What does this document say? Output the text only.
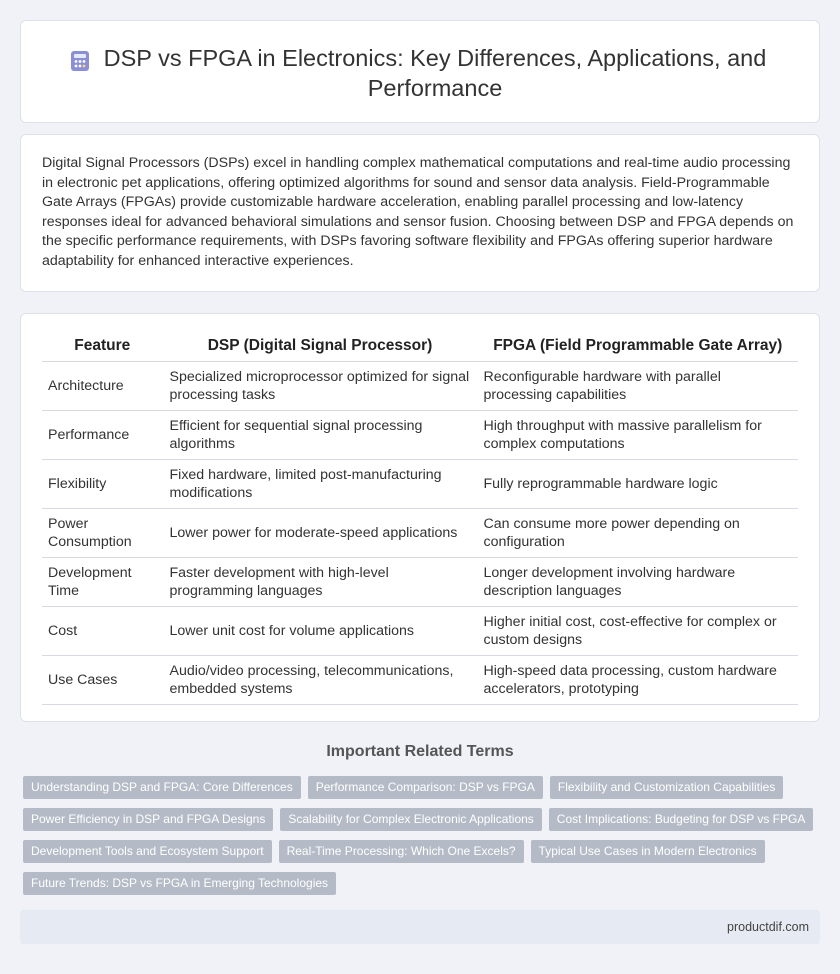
DSP vs FPGA in Electronics: Key Differences, Applications, and Performance

Digital Signal Processors (DSPs) excel in handling complex mathematical computations and real-time audio processing in electronic pet applications, offering optimized algorithms for sound and sensor data analysis. Field-Programmable Gate Arrays (FPGAs) provide customizable hardware acceleration, enabling parallel processing and low-latency responses ideal for advanced behavioral simulations and sensor fusion. Choosing between DSP and FPGA depends on the specific performance requirements, with DSPs favoring software flexibility and FPGAs offering superior hardware adaptability for enhanced interactive experiences.

Feature	DSP (Digital Signal Processor)	FPGA (Field Programmable Gate Array)
Architecture	Specialized microprocessor optimized for signal processing tasks	Reconfigurable hardware with parallel processing capabilities
Performance	Efficient for sequential signal processing algorithms	High throughput with massive parallelism for complex computations
Flexibility	Fixed hardware, limited post-manufacturing modifications	Fully reprogrammable hardware logic
Power Consumption	Lower power for moderate-speed applications	Can consume more power depending on configuration
Development Time	Faster development with high-level programming languages	Longer development involving hardware description languages
Cost	Lower unit cost for volume applications	Higher initial cost, cost-effective for complex or custom designs
Use Cases	Audio/video processing, telecommunications, embedded systems	High-speed data processing, custom hardware accelerators, prototyping
Important Related Terms
Understanding DSP and FPGA: Core Differences	Performance Comparison: DSP vs FPGA	Flexibility and Customization Capabilities
Power Efficiency in DSP and FPGA Designs	Scalability for Complex Electronic Applications	Cost Implications: Budgeting for DSP vs FPGA
Development Tools and Ecosystem Support	Real-Time Processing: Which One Excels?	Typical Use Cases in Modern Electronics
Future Trends: DSP vs FPGA in Emerging Technologies
productdif.com
